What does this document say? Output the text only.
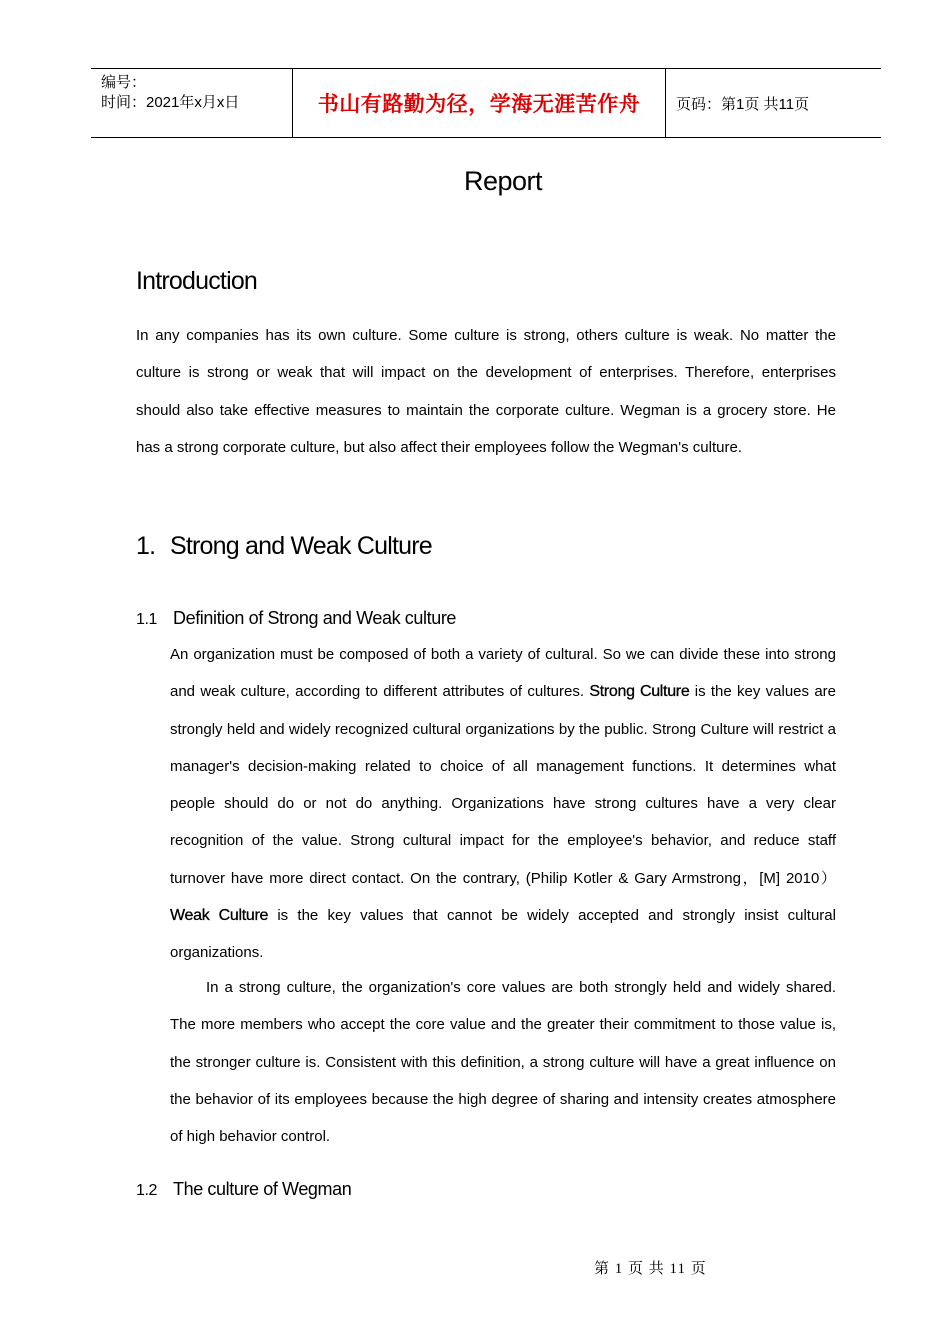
编号：
时间：2021年x月x日	书山有路勤为径，学海无涯苦作舟 页码：第1页 共11页
Report
Introduction
In any companies has its own culture. Some culture is strong, others culture is weak. No matter the culture is strong or weak that will impact on the development of enterprises. Therefore, enterprises should also take effective measures to maintain the corporate culture. Wegman is a grocery store. He has a strong corporate culture, but also affect their employees follow the Wegman's culture.
1. Strong and Weak Culture
1.1 Definition of Strong and Weak culture
An organization must be composed of both a variety of cultural. So we can divide these into strong and weak culture, according to different attributes of cultures. Strong Culture is the key values are strongly held and widely recognized cultural organizations by the public. Strong Culture will restrict a manager's decision-making related to choice of all management functions. It determines what people should do or not do anything. Organizations have strong cultures have a very clear recognition of the value. Strong cultural impact for the employee's behavior, and reduce staff turnover have more direct contact. On the contrary, (Philip Kotler & Gary Armstrong，[M] 2010）Weak Culture is the key values that cannot be widely accepted and strongly insist cultural organizations.
In a strong culture, the organization's core values are both strongly held and widely shared. The more members who accept the core value and the greater their commitment to those value is, the stronger culture is. Consistent with this definition, a strong culture will have a great influence on the behavior of its employees because the high degree of sharing and intensity creates atmosphere of high behavior control.
1.2 The culture of Wegman
第 1 页 共 11 页
